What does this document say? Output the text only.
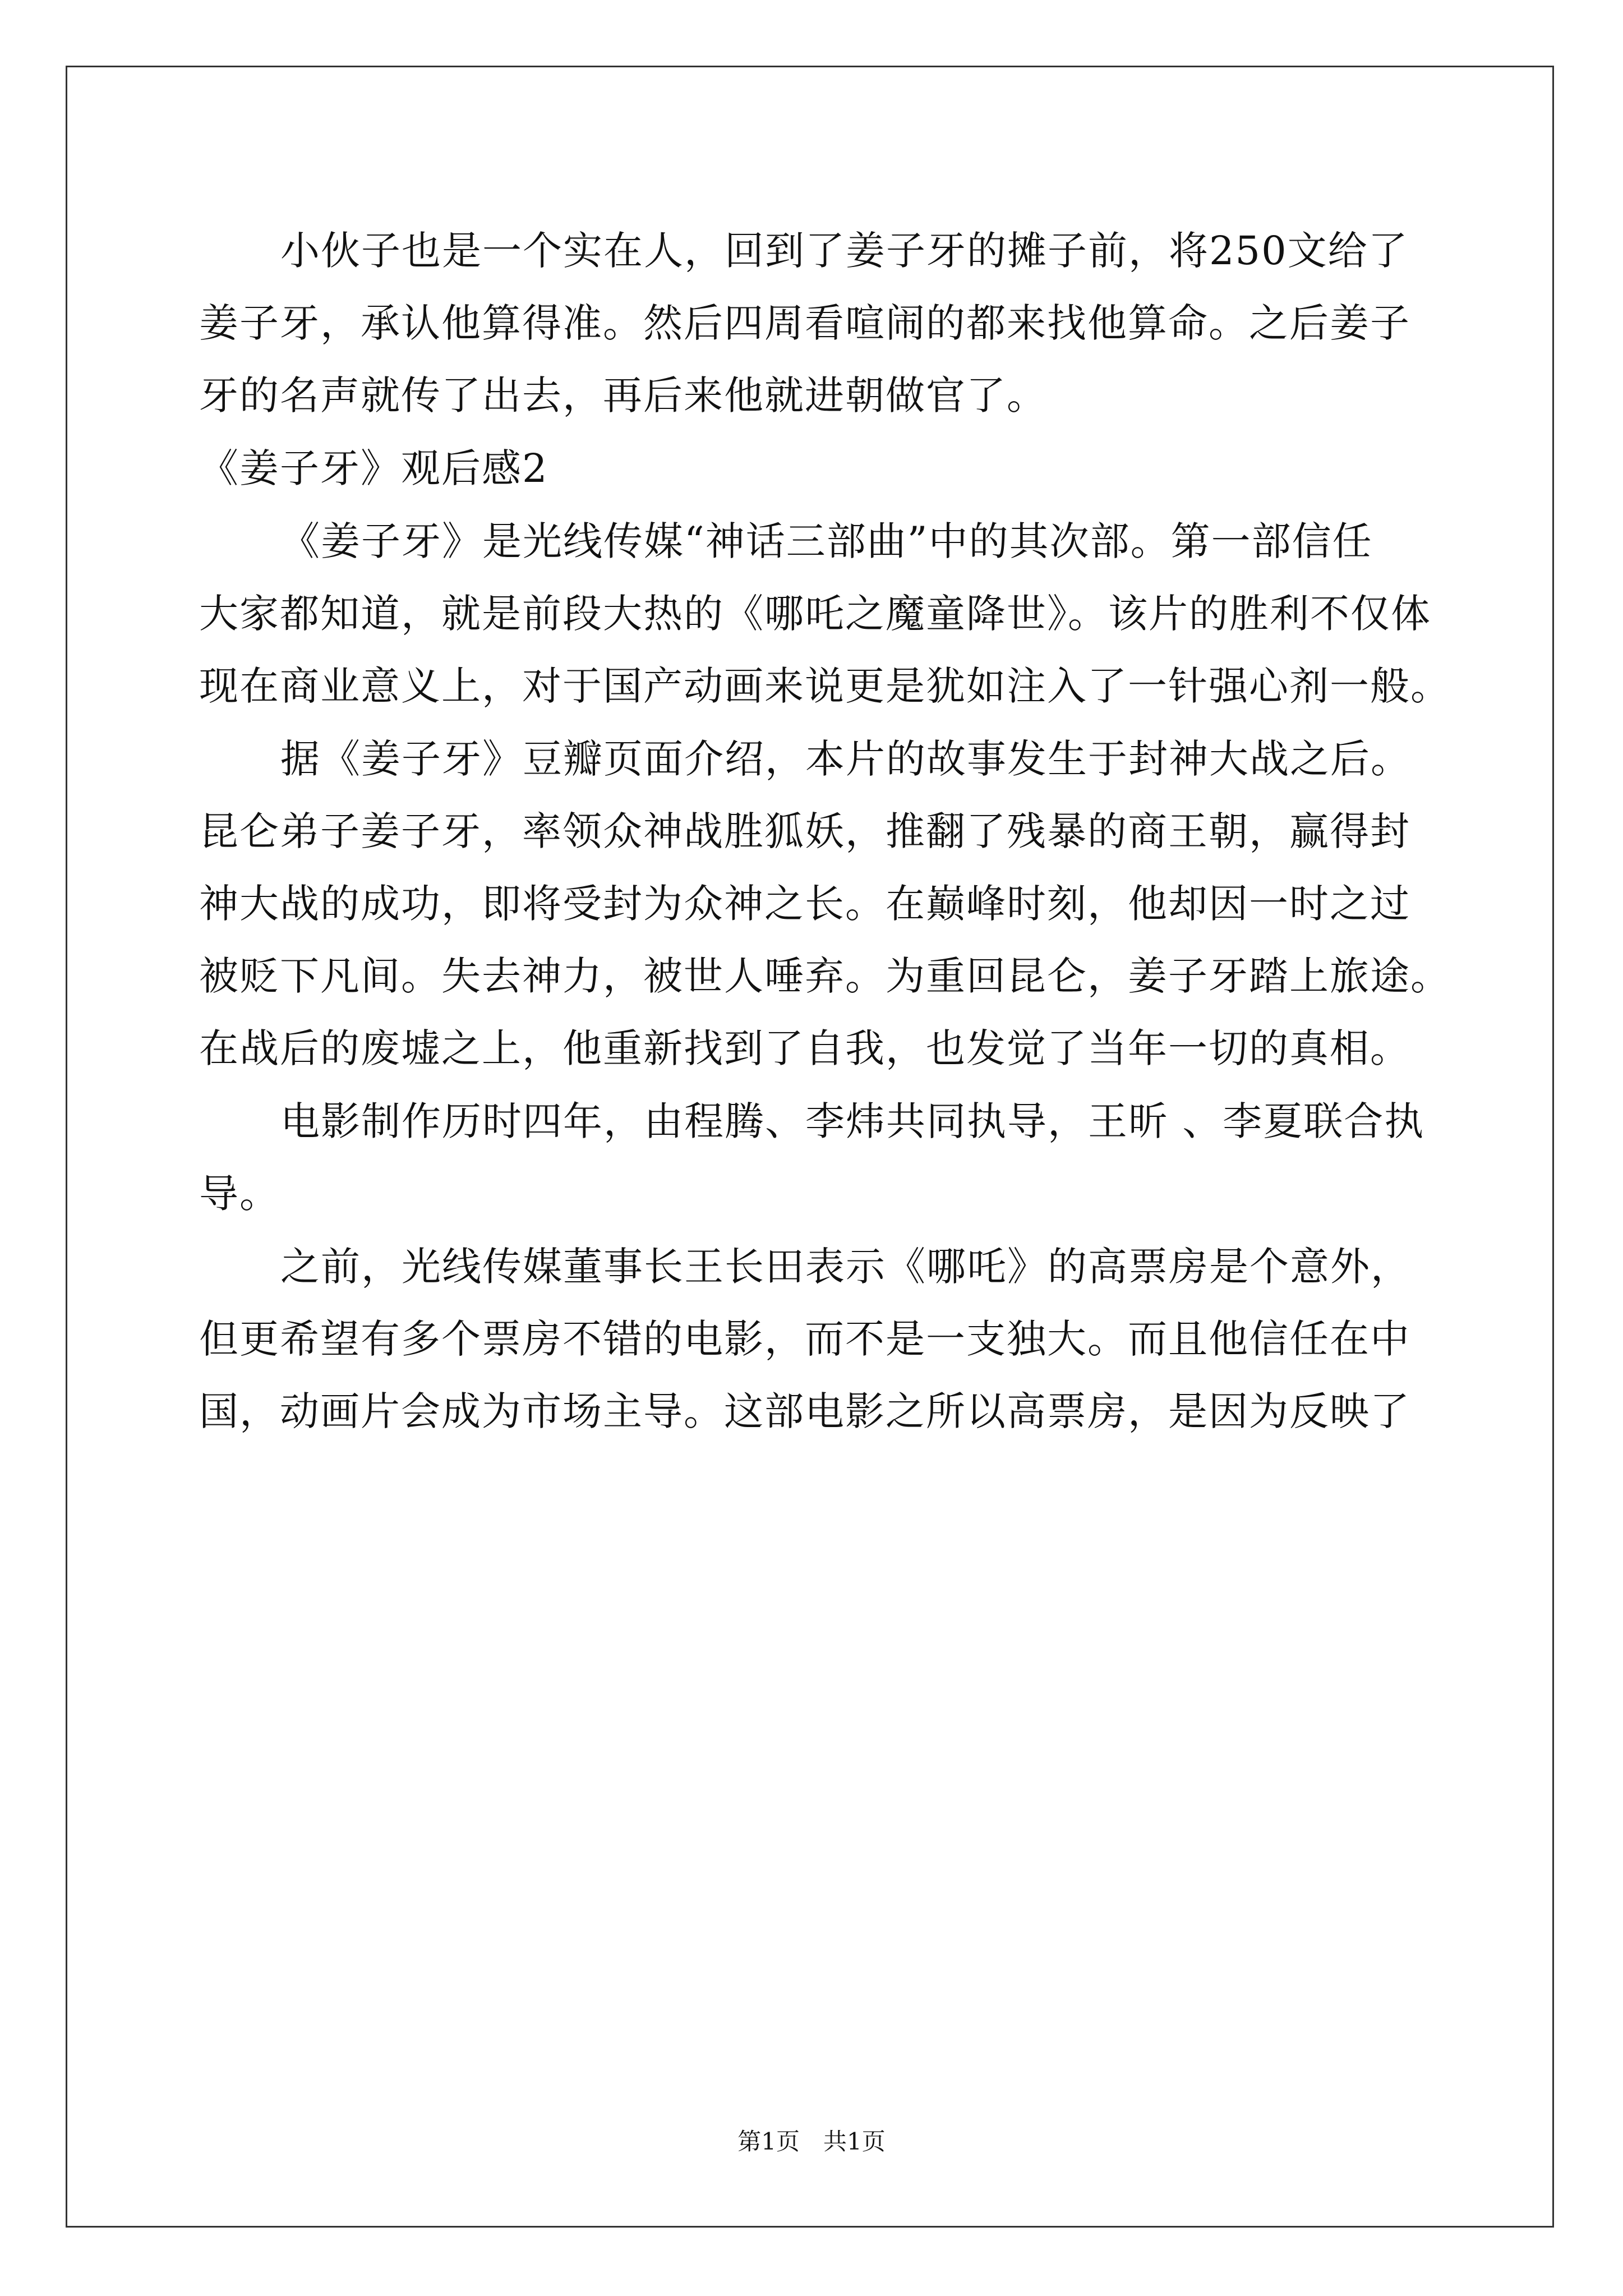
小伙子也是一个实在人，回到了姜子牙的摊子前，将250文给了
姜子牙，承认他算得准。然后四周看喧闹的都来找他算命。之后姜子
牙的名声就传了出去，再后来他就进朝做官了。
《姜子牙》观后感2
《姜子牙》是光线传媒“神话三部曲”中的其次部。第一部信任
大家都知道，就是前段大热的《哪吒之魔童降世》。该片的胜利不仅体
现在商业意义上，对于国产动画来说更是犹如注入了一针强心剂一般。
据《姜子牙》豆瓣页面介绍，本片的故事发生于封神大战之后。
昆仑弟子姜子牙，率领众神战胜狐妖，推翻了残暴的商王朝，赢得封
神大战的成功，即将受封为众神之长。在巅峰时刻，他却因一时之过
被贬下凡间。失去神力，被世人唾弃。为重回昆仑，姜子牙踏上旅途。
在战后的废墟之上，他重新找到了自我，也发觉了当年一切的真相。
电影制作历时四年，由程腾、李炜共同执导，王昕 、李夏联合执
导。
之前，光线传媒董事长王长田表示《哪吒》的高票房是个意外，
但更希望有多个票房不错的电影，而不是一支独大。而且他信任在中
国，动画片会成为市场主导。这部电影之所以高票房，是因为反映了
第1页　共1页
